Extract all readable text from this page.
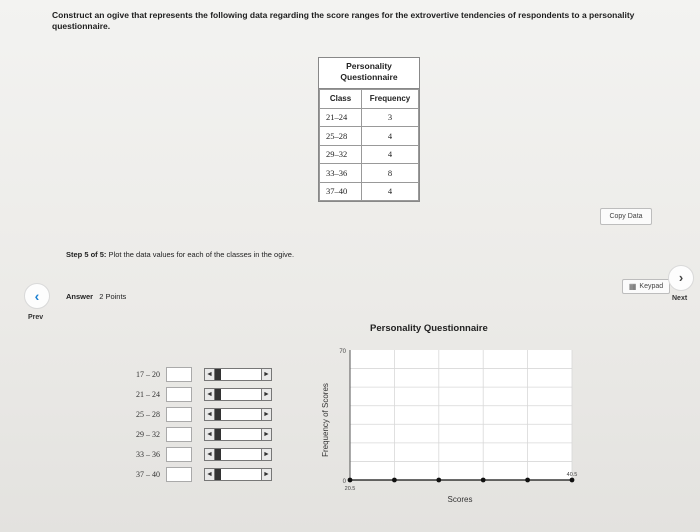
Construct an ogive that represents the following data regarding the score ranges for the extrovertive tendencies of respondents to a personality questionnaire.
Personality Questionnaire
Class	Frequency
21–24	3
25–28	4
29–32	4
33–36	8
37–40	4
Copy Data
Step 5 of 5: Plot the data values for each of the classes in the ogive.
▦ Keypad
›
Next
‹
Prev
Answer 2 Points
Personality Questionnaire
17 – 20	◄	►
21 – 24	◄	►
25 – 28	◄	►
29 – 32	◄	►
33 – 36	◄	►
37 – 40	◄	►
70
0
20.5
40.5
Frequency of Scores
Scores
